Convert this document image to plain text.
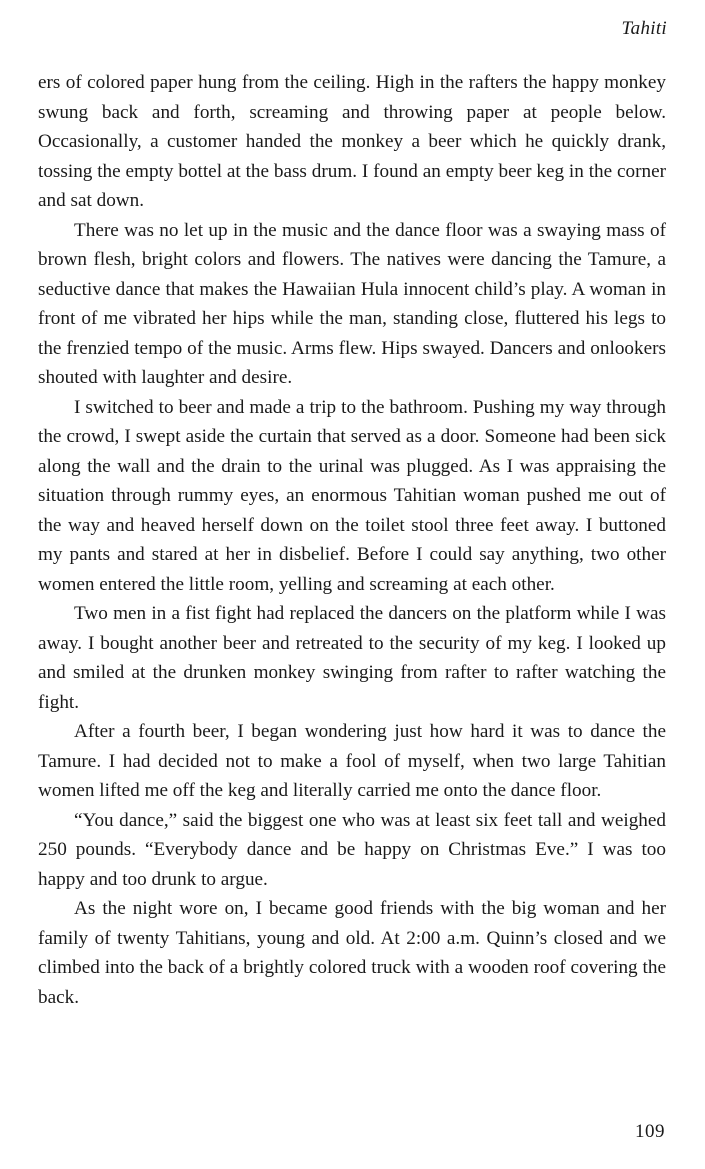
Tahiti

ers of colored paper hung from the ceiling. High in the rafters the happy monkey swung back and forth, screaming and throwing paper at people below. Occasionally, a customer handed the monkey a beer which he quickly drank, tossing the empty bottel at the bass drum. I found an empty beer keg in the corner and sat down.

There was no let up in the music and the dance floor was a swaying mass of brown flesh, bright colors and flowers. The natives were dancing the Tamure, a seductive dance that makes the Hawaiian Hula innocent child’s play. A woman in front of me vibrated her hips while the man, standing close, fluttered his legs to the frenzied tempo of the music. Arms flew. Hips swayed. Dancers and onlookers shouted with laughter and desire.

I switched to beer and made a trip to the bathroom. Pushing my way through the crowd, I swept aside the curtain that served as a door. Someone had been sick along the wall and the drain to the urinal was plugged. As I was appraising the situation through rummy eyes, an enormous Tahitian woman pushed me out of the way and heaved herself down on the toilet stool three feet away. I buttoned my pants and stared at her in disbelief. Before I could say anything, two other women entered the little room, yelling and screaming at each other.

Two men in a fist fight had replaced the dancers on the platform while I was away. I bought another beer and retreated to the security of my keg. I looked up and smiled at the drunken monkey swinging from rafter to rafter watching the fight.

After a fourth beer, I began wondering just how hard it was to dance the Tamure. I had decided not to make a fool of myself, when two large Tahitian women lifted me off the keg and literally carried me onto the dance floor.

“You dance,” said the biggest one who was at least six feet tall and weighed 250 pounds. “Everybody dance and be happy on Christmas Eve.” I was too happy and too drunk to argue.

As the night wore on, I became good friends with the big woman and her family of twenty Tahitians, young and old. At 2:00 a.m. Quinn’s closed and we climbed into the back of a brightly colored truck with a wooden roof covering the back.

109
